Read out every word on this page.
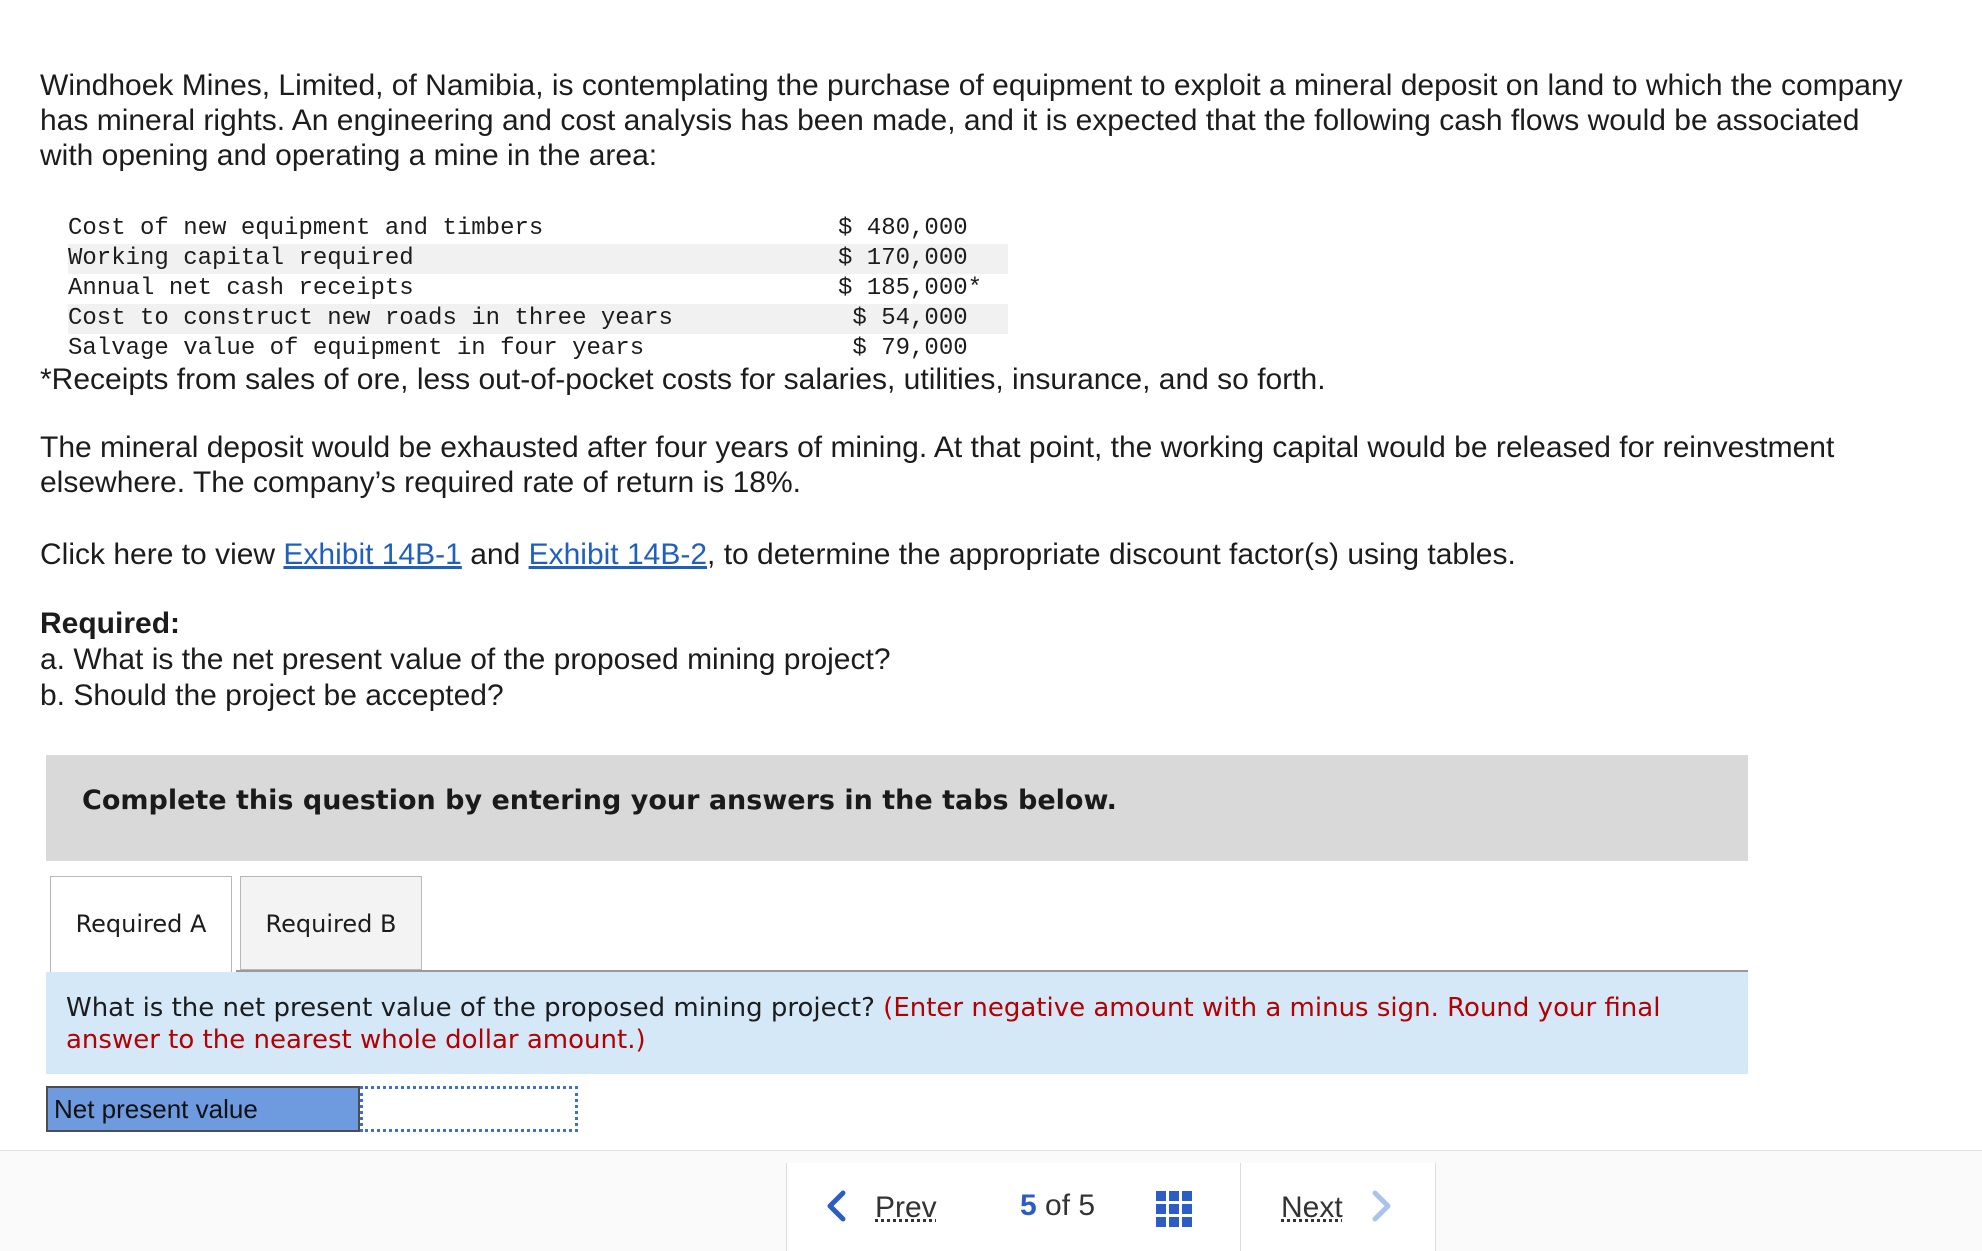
Windhoek Mines, Limited, of Namibia, is contemplating the purchase of equipment to exploit a mineral deposit on land to which the company has mineral rights. An engineering and cost analysis has been made, and it is expected that the following cash flows would be associated with opening and operating a mine in the area:

Cost of new equipment and timbers	$ 480,000
Working capital required	$ 170,000
Annual net cash receipts	$ 185,000*
Cost to construct new roads in three years	$ 54,000
Salvage value of equipment in four years	$ 79,000

*Receipts from sales of ore, less out-of-pocket costs for salaries, utilities, insurance, and so forth.

The mineral deposit would be exhausted after four years of mining. At that point, the working capital would be released for reinvestment elsewhere. The company’s required rate of return is 18%.

Click here to view Exhibit 14B-1 and Exhibit 14B-2, to determine the appropriate discount factor(s) using tables.

Required:

a. What is the net present value of the proposed mining project?

b. Should the project be accepted?

Complete this question by entering your answers in the tabs below.
Required A	Required B
What is the net present value of the proposed mining project? (Enter negative amount with a minus sign. Round your final answer to the nearest whole dollar amount.)
Net present value
Prev	5 of 5	Next
